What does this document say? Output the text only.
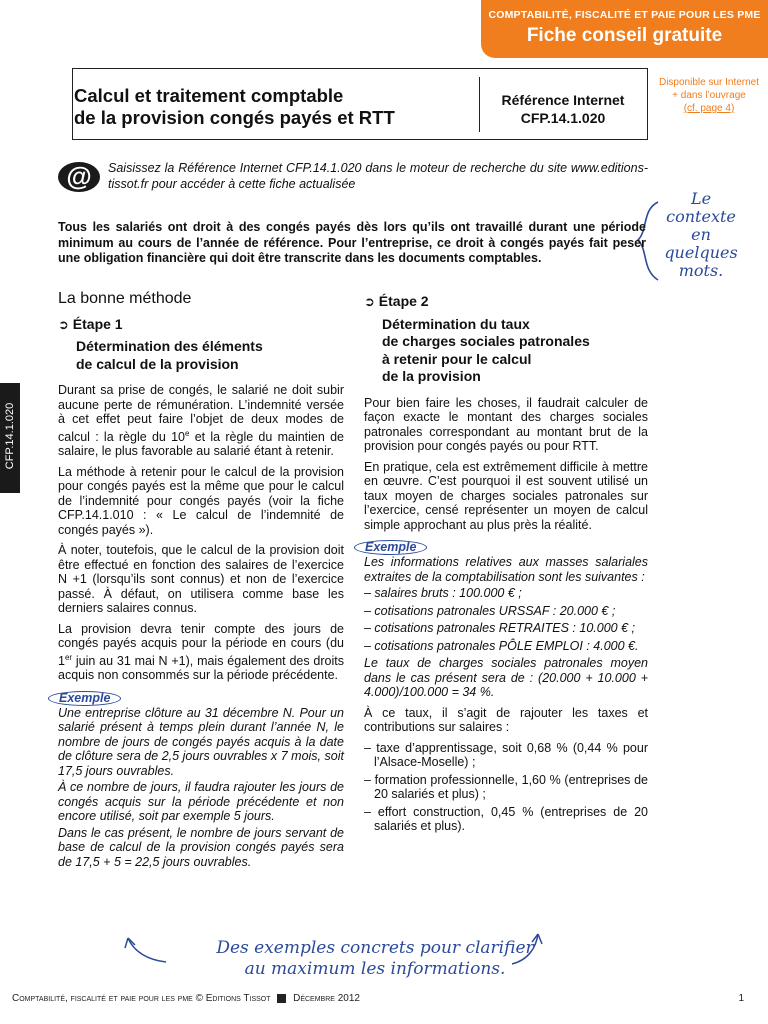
COMPTABILITÉ, FISCALITÉ ET PAIE POUR LES PME
Fiche conseil gratuite
Calcul et traitement comptable
de la provision congés payés et RTT
Référence Internet
CFP.14.1.020
Disponible sur Internet
+ dans l’ouvrage
(cf. page 4)
@	Saisissez la Référence Internet CFP.14.1.020 dans le moteur de recherche du site www.editions-tissot.fr pour accéder à cette fiche actualisée
Le
contexte
en
quelques
mots.
Tous les salariés ont droit à des congés payés dès lors qu’ils ont travaillé durant une période minimum au cours de l’année de référence. Pour l’entreprise, ce droit à congés payés fait peser une obligation financière qui doit être transcrite dans les documents comptables.
CFP.14.1.020
La bonne méthode
➲ Étape 1
Détermination des éléments
de calcul de la provision

Durant sa prise de congés, le salarié ne doit subir aucune perte de rémunération. L’indemnité versée à cet effet peut faire l’objet de deux modes de calcul : la règle du 10e et la règle du maintien de salaire, le plus favorable au salarié étant à retenir.

La méthode à retenir pour le calcul de la provision pour congés payés est la même que pour le calcul de l’indemnité pour congés payés (voir la fiche CFP.14.1.010 : « Le calcul de l’indemnité de congés payés »).

À noter, toutefois, que le calcul de la provision doit être effectué en fonction des salaires de l’exercice N +1 (lorsqu’ils sont connus) et non de l’exercice passé. À défaut, on utilisera comme base les derniers salaires connus.

La provision devra tenir compte des jours de congés payés acquis pour la période en cours (du 1er juin au 31 mai N +1), mais également des droits acquis non consommés sur la période précédente.

Exemple

Une entreprise clôture au 31 décembre N. Pour un salarié présent à temps plein durant l’année N, le nombre de jours de congés payés acquis à la date de clôture sera de 2,5 jours ouvrables x 7 mois, soit 17,5 jours ouvrables.

À ce nombre de jours, il faudra rajouter les jours de congés acquis sur la période précédente et non encore utilisé, soit par exemple 5 jours.

Dans le cas présent, le nombre de jours servant de base de calcul de la provision congés payés sera de 17,5 + 5 = 22,5 jours ouvrables.

➲ Étape 2
Détermination du taux
de charges sociales patronales
à retenir pour le calcul
de la provision

Pour bien faire les choses, il faudrait calculer de façon exacte le montant des charges sociales patronales correspondant au montant brut de la provision pour congés payés ou pour RTT.

En pratique, cela est extrêmement difficile à mettre en œuvre. C’est pourquoi il est souvent utilisé un taux moyen de charges sociales patronales sur l’exercice, censé représenter un moyen de calcul simple approchant au plus près la réalité.

Exemple

Les informations relatives aux masses salariales extraites de la comptabilisation sont les suivantes :

– salaires bruts : 100.000 € ;
– cotisations patronales URSSAF : 20.000 € ;
– cotisations patronales RETRAITES : 10.000 € ;
– cotisations patronales PÔLE EMPLOI : 4.000 €.

Le taux de charges sociales patronales moyen dans le cas présent sera de : (20.000 + 10.000 + 4.000)/100.000 = 34 %.

À ce taux, il s’agit de rajouter les taxes et contributions sur salaires :

– taxe d’apprentissage, soit 0,68 % (0,44 % pour l’Alsace-Moselle) ;
– formation professionnelle, 1,60 % (entreprises de 20 salariés et plus) ;
– effort construction, 0,45 % (entreprises de 20 salariés et plus).
Des exemples concrets pour clarifier
au maximum les informations.
Comptabilité, fiscalité et paie pour les pme © Editions Tissot Décembre 2012	1
